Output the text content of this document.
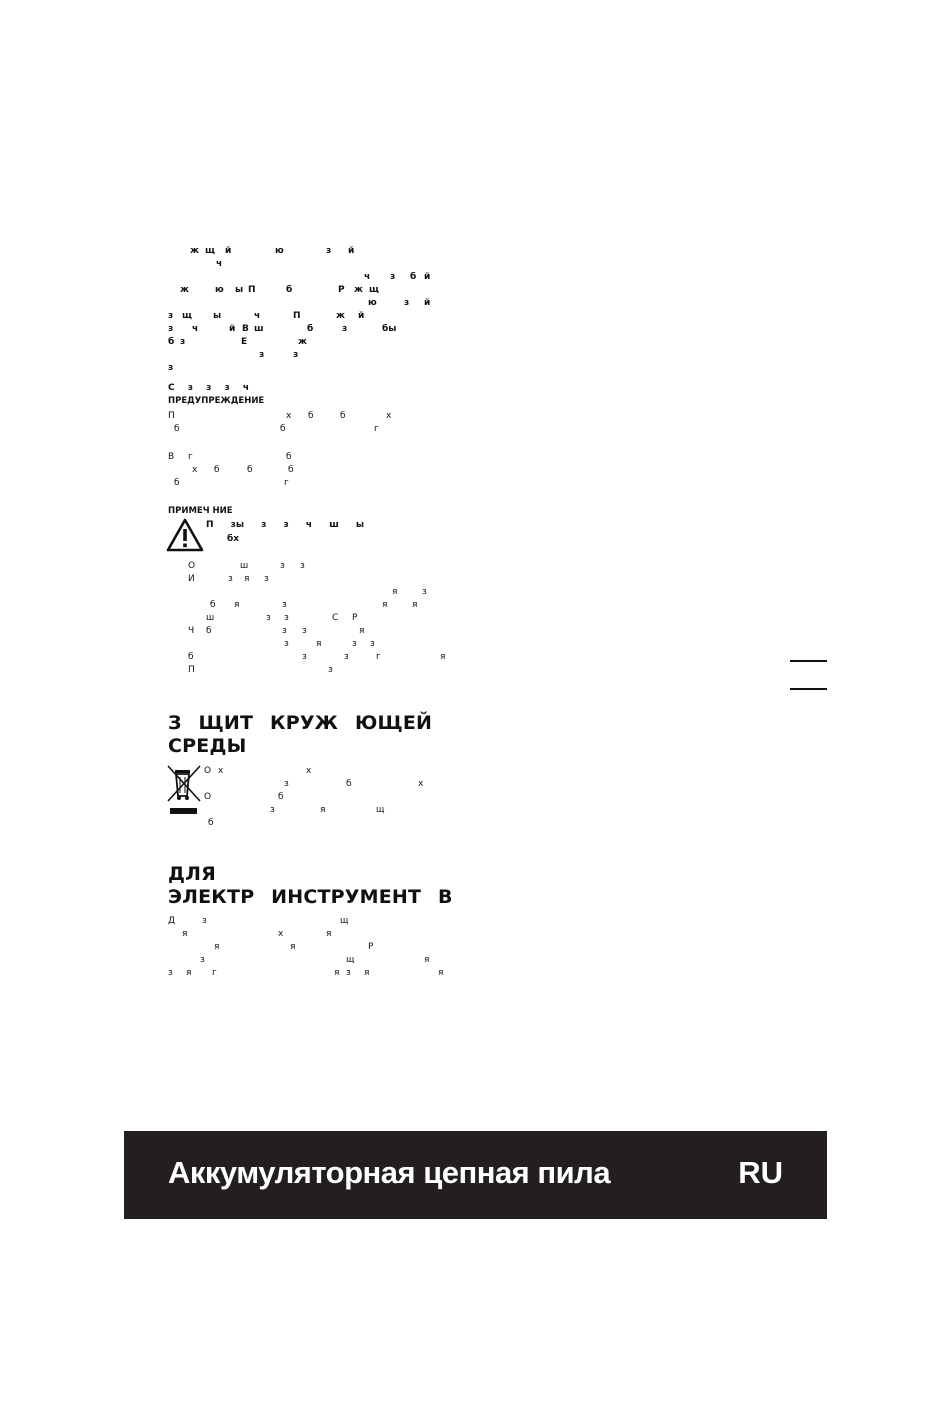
ж щ й	ю	з й
ч
ч з б й
ж	ю ы П	б	Р ж щ
ю	з й
з щ ы	ч	П	ж й
з ч	й В ш	б	з	бы
б з	Е	ж
з	з
з
С з з з ч
ПРЕДУПРЕЖДЕНИЕ
П	х б	б	х
б	б	г
В г	б
х б	б	б
б	г
ПРИМЕЧ НИЕ
П зы з з ч ш ы
бх
О	ш	з з
И	з я з
я	з
б я	з	я	я
ш	з з	С Р
Ч б	з з	я
з	я	з з
б	з	з	г	я
П	з
З ЩИТ КРУЖ ЮЩЕЙ
СРЕДЫ
О х	х
з	б	х
О	б
з	я	щ
б
ДЛЯ
ЭЛЕКТР ИНСТРУМЕНТ В
Д	з	щ
я	х	я
я	я	Р
з	щ	я
з я г	я з я	я
Аккумуляторная цепная пила	RU
